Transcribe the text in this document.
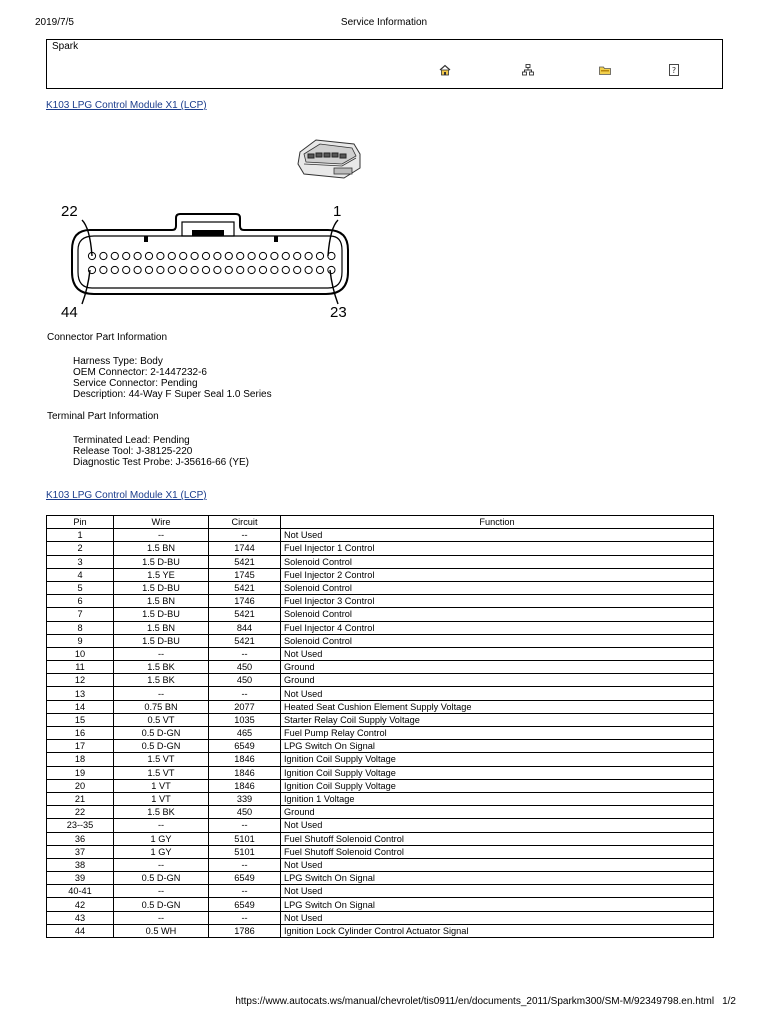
2019/7/5	Service Information
Spark
?
K103 LPG Control Module X1 (LCP)
22	1
44	23
Connector Part Information
Harness Type: Body
OEM Connector: 2-1447232-6
Service Connector: Pending
Description: 44-Way F Super Seal 1.0 Series
Terminal Part Information
Terminated Lead: Pending
Release Tool: J-38125-220
Diagnostic Test Probe: J-35616-66 (YE)
K103 LPG Control Module X1 (LCP)
Pin	Wire	Circuit	Function
1	--	--	Not Used
2	1.5 BN	1744	Fuel Injector 1 Control
3	1.5 D-BU	5421	Solenoid Control
4	1.5 YE	1745	Fuel Injector 2 Control
5	1.5 D-BU	5421	Solenoid Control
6	1.5 BN	1746	Fuel Injector 3 Control
7	1.5 D-BU	5421	Solenoid Control
8	1.5 BN	844	Fuel Injector 4 Control
9	1.5 D-BU	5421	Solenoid Control
10	--	--	Not Used
11	1.5 BK	450	Ground
12	1.5 BK	450	Ground
13	--	--	Not Used
14	0.75 BN	2077	Heated Seat Cushion Element Supply Voltage
15	0.5 VT	1035	Starter Relay Coil Supply Voltage
16	0.5 D-GN	465	Fuel Pump Relay Control
17	0.5 D-GN	6549	LPG Switch On Signal
18	1.5 VT	1846	Ignition Coil Supply Voltage
19	1.5 VT	1846	Ignition Coil Supply Voltage
20	1 VT	1846	Ignition Coil Supply Voltage
21	1 VT	339	Ignition 1 Voltage
22	1.5 BK	450	Ground
23--35	--	--	Not Used
36	1 GY	5101	Fuel Shutoff Solenoid Control
37	1 GY	5101	Fuel Shutoff Solenoid Control
38	--	--	Not Used
39	0.5 D-GN	6549	LPG Switch On Signal
40-41	--	--	Not Used
42	0.5 D-GN	6549	LPG Switch On Signal
43	--	--	Not Used
44	0.5 WH	1786	Ignition Lock Cylinder Control Actuator Signal
https://www.autocats.ws/manual/chevrolet/tis0911/en/documents_2011/Sparkm300/SM-M/92349798.en.html 1/2
